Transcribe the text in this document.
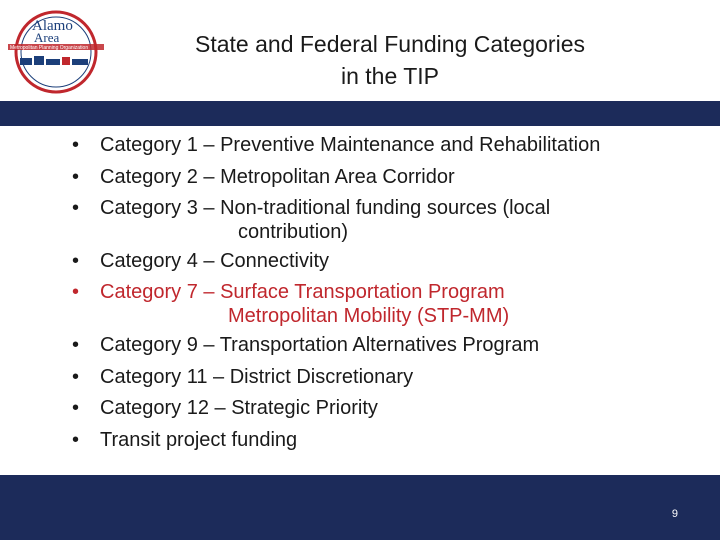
Alamo
Area
Metropolitan Planning Organization	State and Federal Funding Categories
in the TIP
• Category 1 – Preventive Maintenance and Rehabilitation
• Category 2 – Metropolitan Area Corridor
• Category 3 – Non-traditional funding sources (local
contribution)
• Category 4 – Connectivity
• Category 7 – Surface Transportation Program
Metropolitan Mobility (STP-MM)
• Category 9 – Transportation Alternatives Program
• Category 11 – District Discretionary
• Category 12 – Strategic Priority
• Transit project funding
9
